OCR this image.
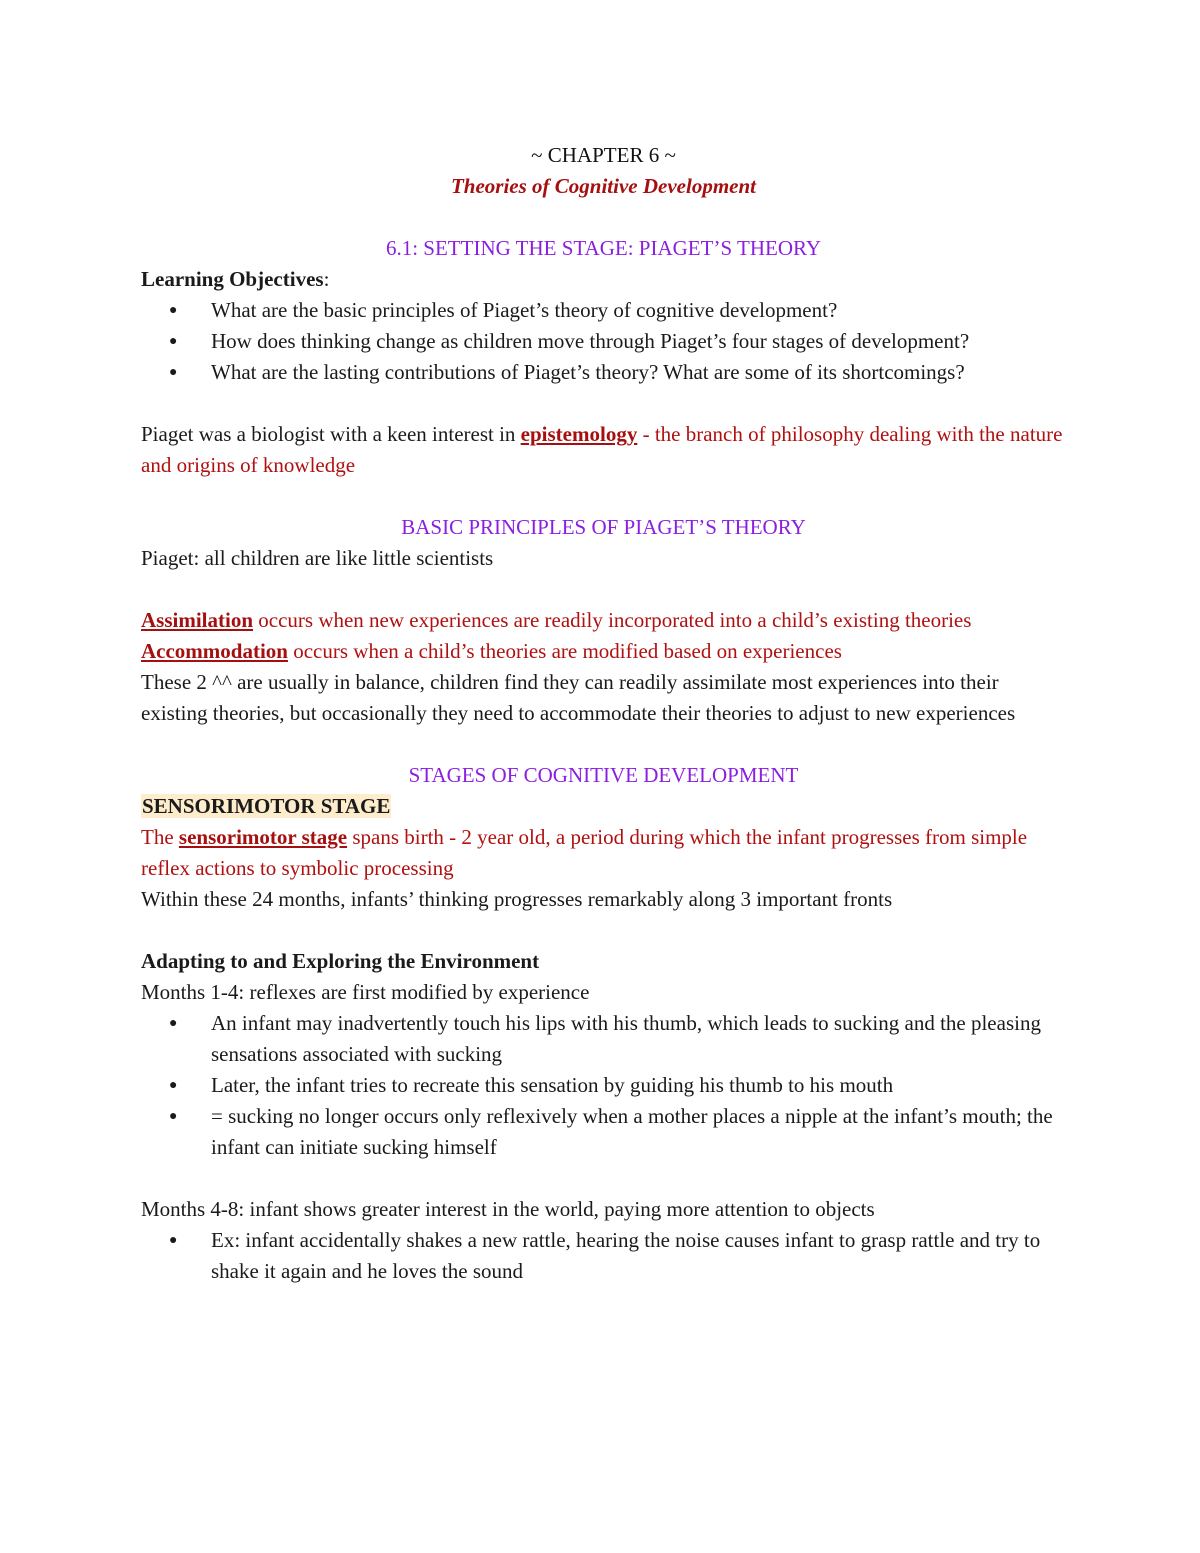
~ CHAPTER 6 ~

Theories of Cognitive Development

6.1: SETTING THE STAGE: PIAGET’S THEORY

Learning Objectives:

● What are the basic principles of Piaget’s theory of cognitive development?
● How does thinking change as children move through Piaget’s four stages of development?
● What are the lasting contributions of Piaget’s theory? What are some of its shortcomings?

Piaget was a biologist with a keen interest in epistemology - the branch of philosophy dealing with the nature and origins of knowledge

BASIC PRINCIPLES OF PIAGET’S THEORY

Piaget: all children are like little scientists

Assimilation occurs when new experiences are readily incorporated into a child’s existing theories

Accommodation occurs when a child’s theories are modified based on experiences

These 2 ^^ are usually in balance, children find they can readily assimilate most experiences into their existing theories, but occasionally they need to accommodate their theories to adjust to new experiences

STAGES OF COGNITIVE DEVELOPMENT

SENSORIMOTOR STAGE

The sensorimotor stage spans birth - 2 year old, a period during which the infant progresses from simple reflex actions to symbolic processing

Within these 24 months, infants’ thinking progresses remarkably along 3 important fronts

Adapting to and Exploring the Environment

Months 1-4: reflexes are first modified by experience

● An infant may inadvertently touch his lips with his thumb, which leads to sucking and the pleasing sensations associated with sucking
● Later, the infant tries to recreate this sensation by guiding his thumb to his mouth
● = sucking no longer occurs only reflexively when a mother places a nipple at the infant’s mouth; the infant can initiate sucking himself

Months 4-8: infant shows greater interest in the world, paying more attention to objects

● Ex: infant accidentally shakes a new rattle, hearing the noise causes infant to grasp rattle and try to shake it again and he loves the sound
